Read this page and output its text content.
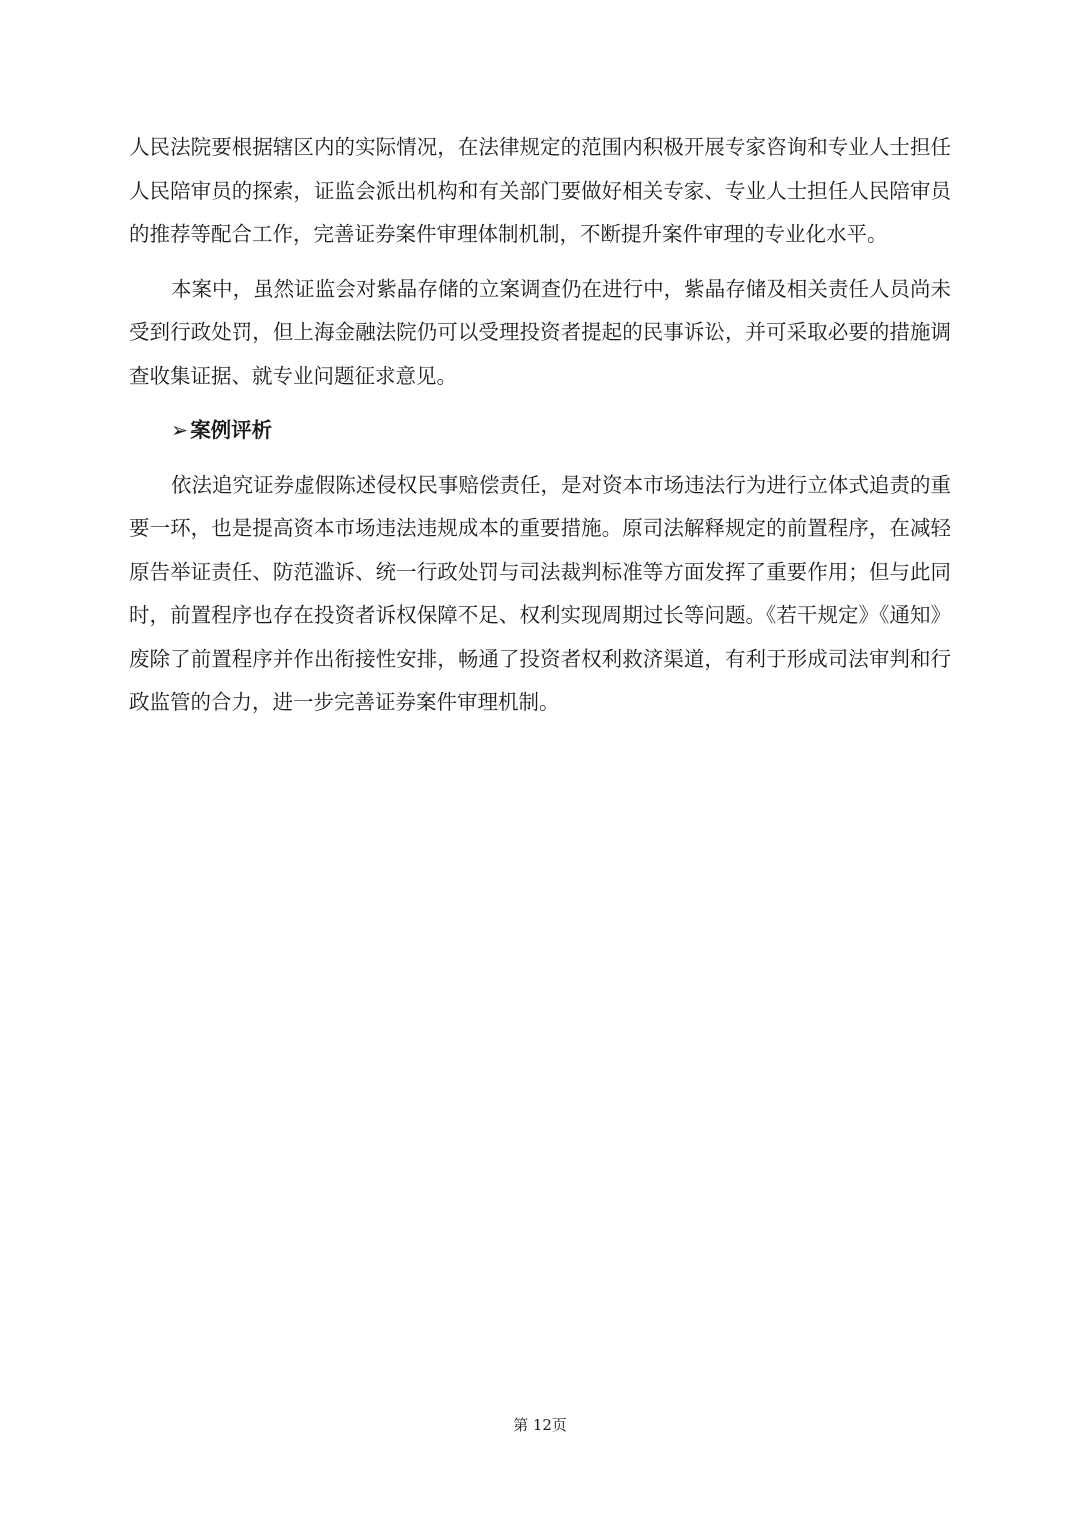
人民法院要根据辖区内的实际情况，在法律规定的范围内积极开展专家咨询和专业人士担任人民陪审员的探索，证监会派出机构和有关部门要做好相关专家、专业人士担任人民陪审员的推荐等配合工作，完善证券案件审理体制机制，不断提升案件审理的专业化水平。

本案中，虽然证监会对紫晶存储的立案调查仍在进行中，紫晶存储及相关责任人员尚未受到行政处罚，但上海金融法院仍可以受理投资者提起的民事诉讼，并可采取必要的措施调查收集证据、就专业问题征求意见。

➢案例评析

依法追究证券虚假陈述侵权民事赔偿责任，是对资本市场违法行为进行立体式追责的重要一环，也是提高资本市场违法违规成本的重要措施。原司法解释规定的前置程序，在减轻原告举证责任、防范滥诉、统一行政处罚与司法裁判标准等方面发挥了重要作用；但与此同时，前置程序也存在投资者诉权保障不足、权利实现周期过长等问题。《若干规定》《通知》废除了前置程序并作出衔接性安排，畅通了投资者权利救济渠道，有利于形成司法审判和行政监管的合力，进一步完善证券案件审理机制。

第 12页
